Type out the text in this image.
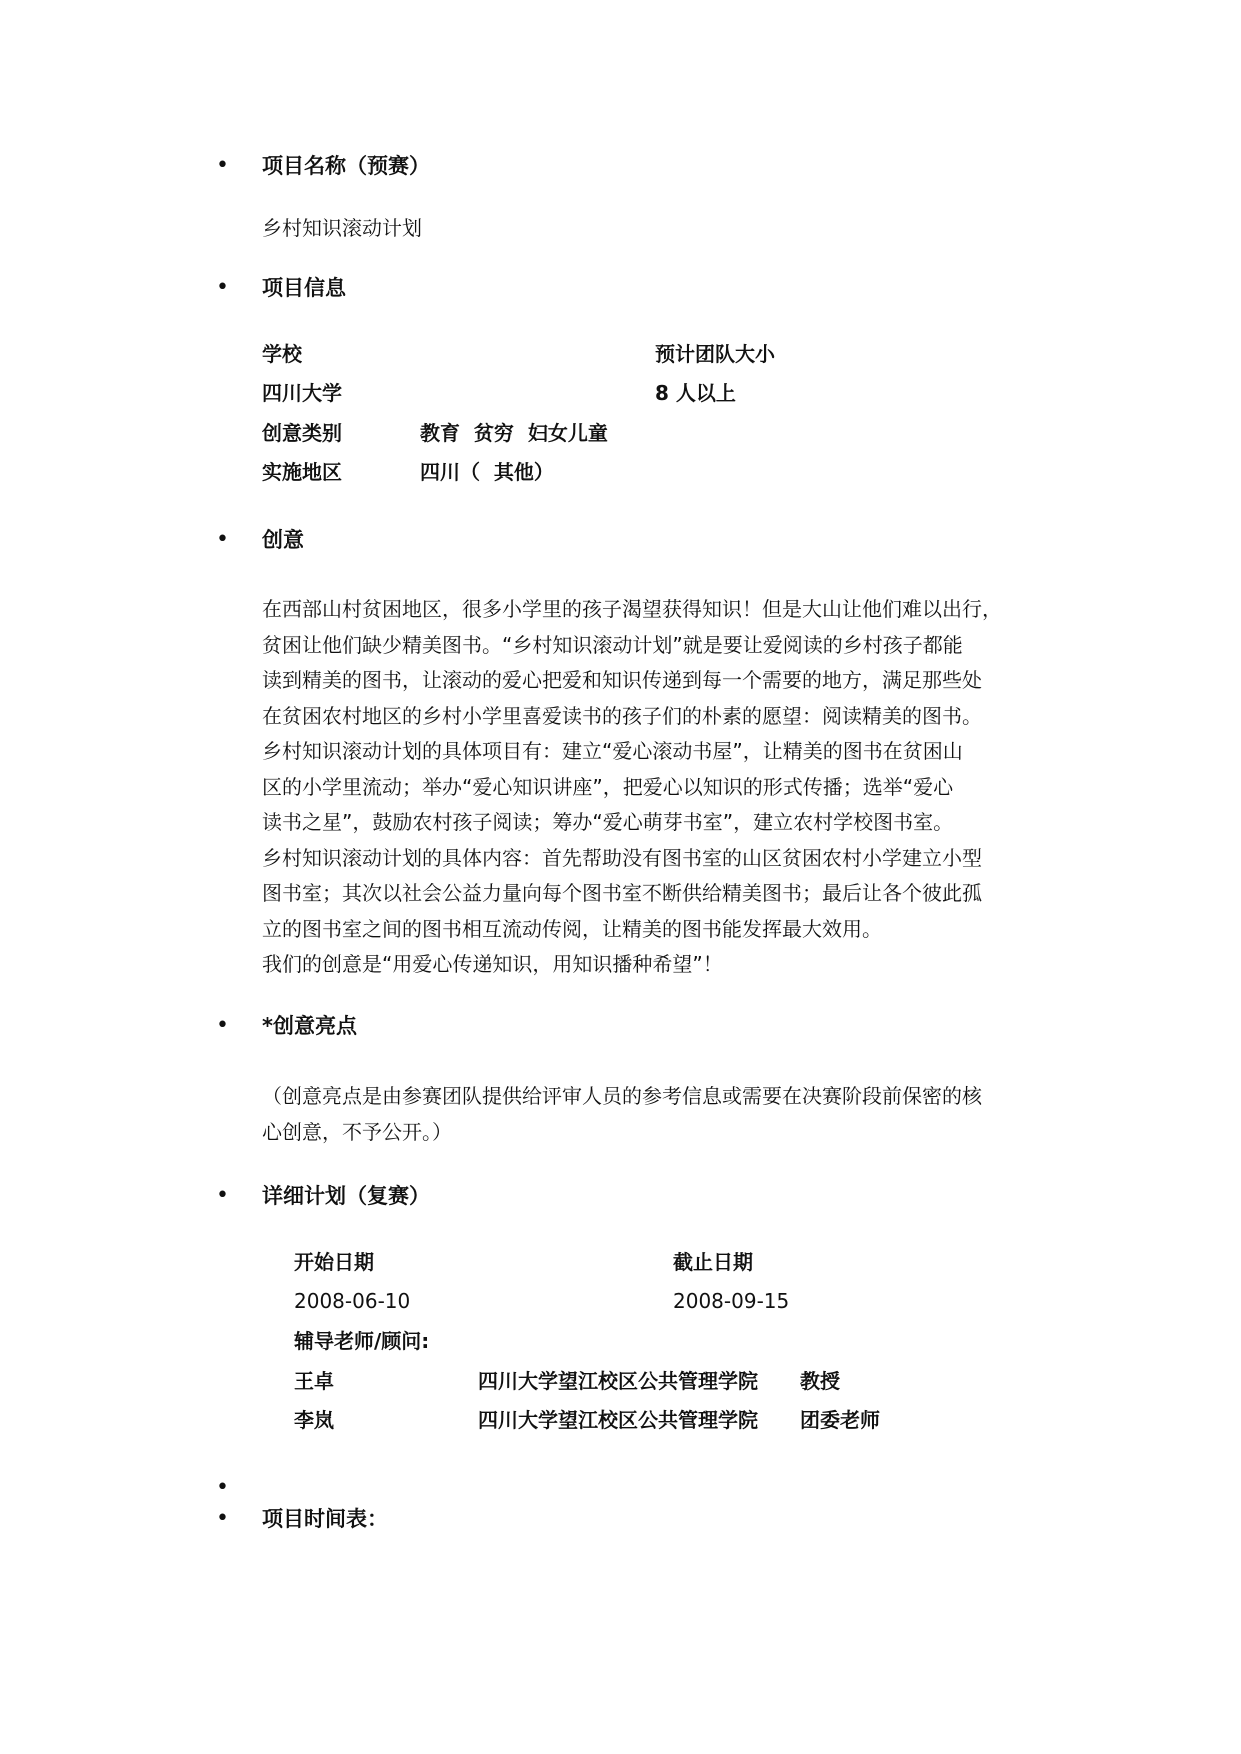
• 项目名称（预赛）
乡村知识滚动计划
• 项目信息
学校	预计团队大小
四川大学	8 人以上
创意类别	教育  贫穷  妇女儿童
实施地区	四川（  其他）
• 创意
在西部山村贫困地区，很多小学里的孩子渴望获得知识！但是大山让他们难以出行，
贫困让他们缺少精美图书。“乡村知识滚动计划”就是要让爱阅读的乡村孩子都能
读到精美的图书，让滚动的爱心把爱和知识传递到每一个需要的地方，满足那些处
在贫困农村地区的乡村小学里喜爱读书的孩子们的朴素的愿望：阅读精美的图书。
乡村知识滚动计划的具体项目有：建立“爱心滚动书屋”，让精美的图书在贫困山
区的小学里流动；举办“爱心知识讲座”，把爱心以知识的形式传播；选举“爱心
读书之星”，鼓励农村孩子阅读；筹办“爱心萌芽书室”，建立农村学校图书室。
乡村知识滚动计划的具体内容：首先帮助没有图书室的山区贫困农村小学建立小型
图书室；其次以社会公益力量向每个图书室不断供给精美图书；最后让各个彼此孤
立的图书室之间的图书相互流动传阅，让精美的图书能发挥最大效用。
我们的创意是“用爱心传递知识，用知识播种希望”！
• *创意亮点
（创意亮点是由参赛团队提供给评审人员的参考信息或需要在决赛阶段前保密的核
心创意，不予公开。）
• 详细计划（复赛）
开始日期	截止日期
2008-06-10	2008-09-15
辅导老师/顾问:
王卓	四川大学望江校区公共管理学院 教授
李岚	四川大学望江校区公共管理学院 团委老师
•
• 项目时间表：
